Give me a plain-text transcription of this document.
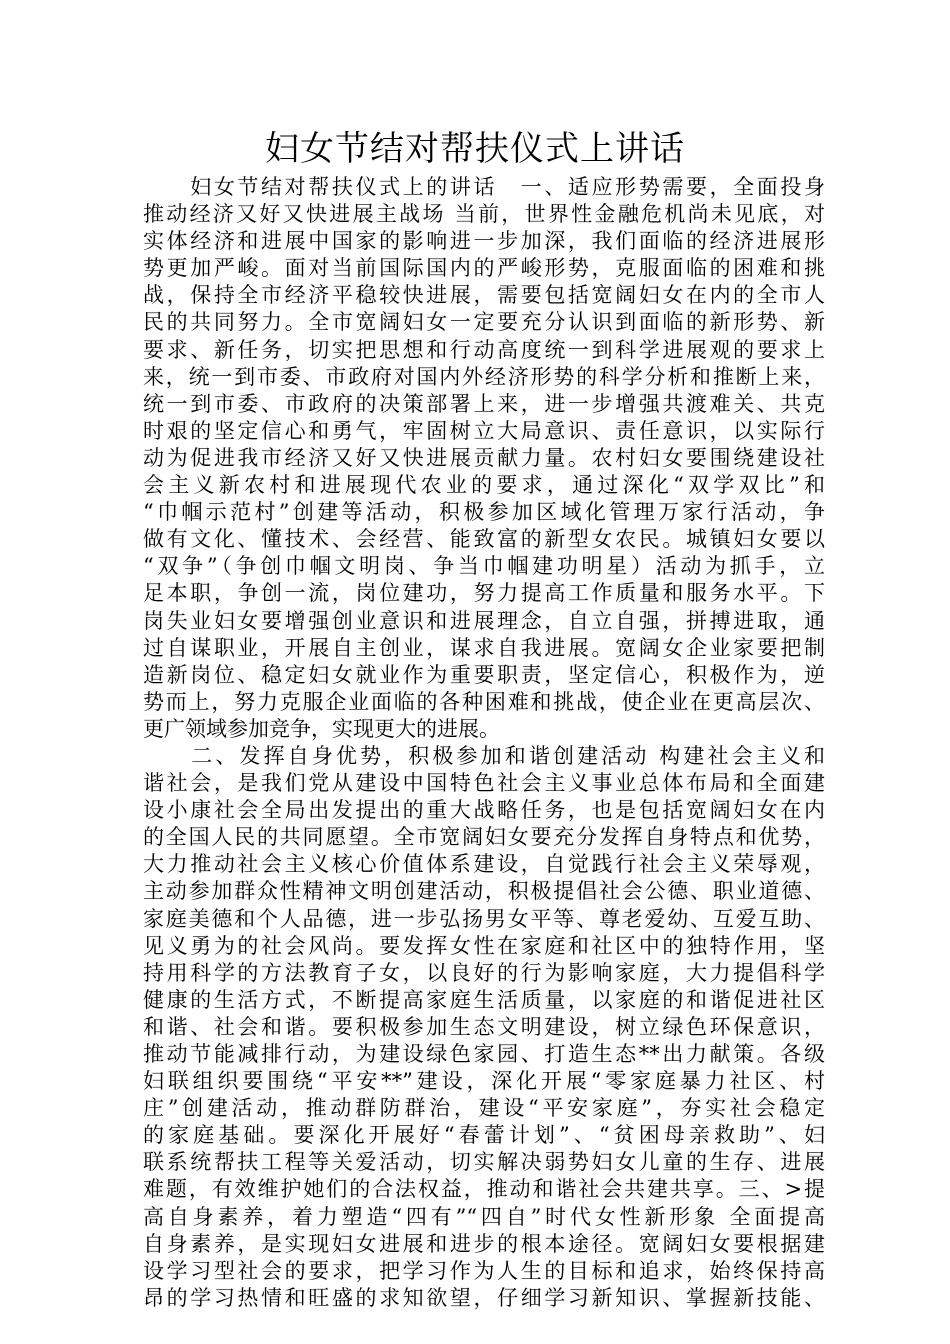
妇女节结对帮扶仪式上讲话
　　妇女节结对帮扶仪式上的讲话　一、适应形势需要，全面投身
推动经济又好又快进展主战场 当前，世界性金融危机尚未见底，对
实体经济和进展中国家的影响进一步加深，我们面临的经济进展形
势更加严峻。面对当前国际国内的严峻形势，克服面临的困难和挑
战，保持全市经济平稳较快进展，需要包括宽阔妇女在内的全市人
民的共同努力。全市宽阔妇女一定要充分认识到面临的新形势、新
要求、新任务，切实把思想和行动高度统一到科学进展观的要求上
来，统一到市委、市政府对国内外经济形势的科学分析和推断上来，
统一到市委、市政府的决策部署上来，进一步增强共渡难关、共克
时艰的坚定信心和勇气，牢固树立大局意识、责任意识，以实际行
动为促进我市经济又好又快进展贡献力量。农村妇女要围绕建设社
会主义新农村和进展现代农业的要求，通过深化“双学双比”和
“巾帼示范村”创建等活动，积极参加区域化管理万家行活动，争
做有文化、懂技术、会经营、能致富的新型女农民。城镇妇女要以
“双争”（争创巾帼文明岗、争当巾帼建功明星）活动为抓手，立
足本职，争创一流，岗位建功，努力提高工作质量和服务水平。下
岗失业妇女要增强创业意识和进展理念，自立自强，拼搏进取，通
过自谋职业，开展自主创业，谋求自我进展。宽阔女企业家要把制
造新岗位、稳定妇女就业作为重要职责，坚定信心，积极作为，逆
势而上，努力克服企业面临的各种困难和挑战，使企业在更高层次、
更广领域参加竞争，实现更大的进展。
　　二、发挥自身优势，积极参加和谐创建活动 构建社会主义和
谐社会，是我们党从建设中国特色社会主义事业总体布局和全面建
设小康社会全局出发提出的重大战略任务，也是包括宽阔妇女在内
的全国人民的共同愿望。全市宽阔妇女要充分发挥自身特点和优势，
大力推动社会主义核心价值体系建设，自觉践行社会主义荣辱观，
主动参加群众性精神文明创建活动，积极提倡社会公德、职业道德、
家庭美德和个人品德，进一步弘扬男女平等、尊老爱幼、互爱互助、
见义勇为的社会风尚。要发挥女性在家庭和社区中的独特作用，坚
持用科学的方法教育子女，以良好的行为影响家庭，大力提倡科学
健康的生活方式，不断提高家庭生活质量，以家庭的和谐促进社区
和谐、社会和谐。要积极参加生态文明建设，树立绿色环保意识，
推动节能减排行动，为建设绿色家园、打造生态**出力献策。各级
妇联组织要围绕“平安**”建设，深化开展“零家庭暴力社区、村
庄”创建活动，推动群防群治，建设“平安家庭”，夯实社会稳定
的家庭基础。要深化开展好“春蕾计划”、“贫困母亲救助”、妇
联系统帮扶工程等关爱活动，切实解决弱势妇女儿童的生存、进展
难题，有效维护她们的合法权益，推动和谐社会共建共享。三、>提
高自身素养，着力塑造“四有”“四自”时代女性新形象 全面提高
自身素养，是实现妇女进展和进步的根本途径。宽阔妇女要根据建
设学习型社会的要求，把学习作为人生的目标和追求，始终保持高
昂的学习热情和旺盛的求知欲望，仔细学习新知识、掌握新技能、
